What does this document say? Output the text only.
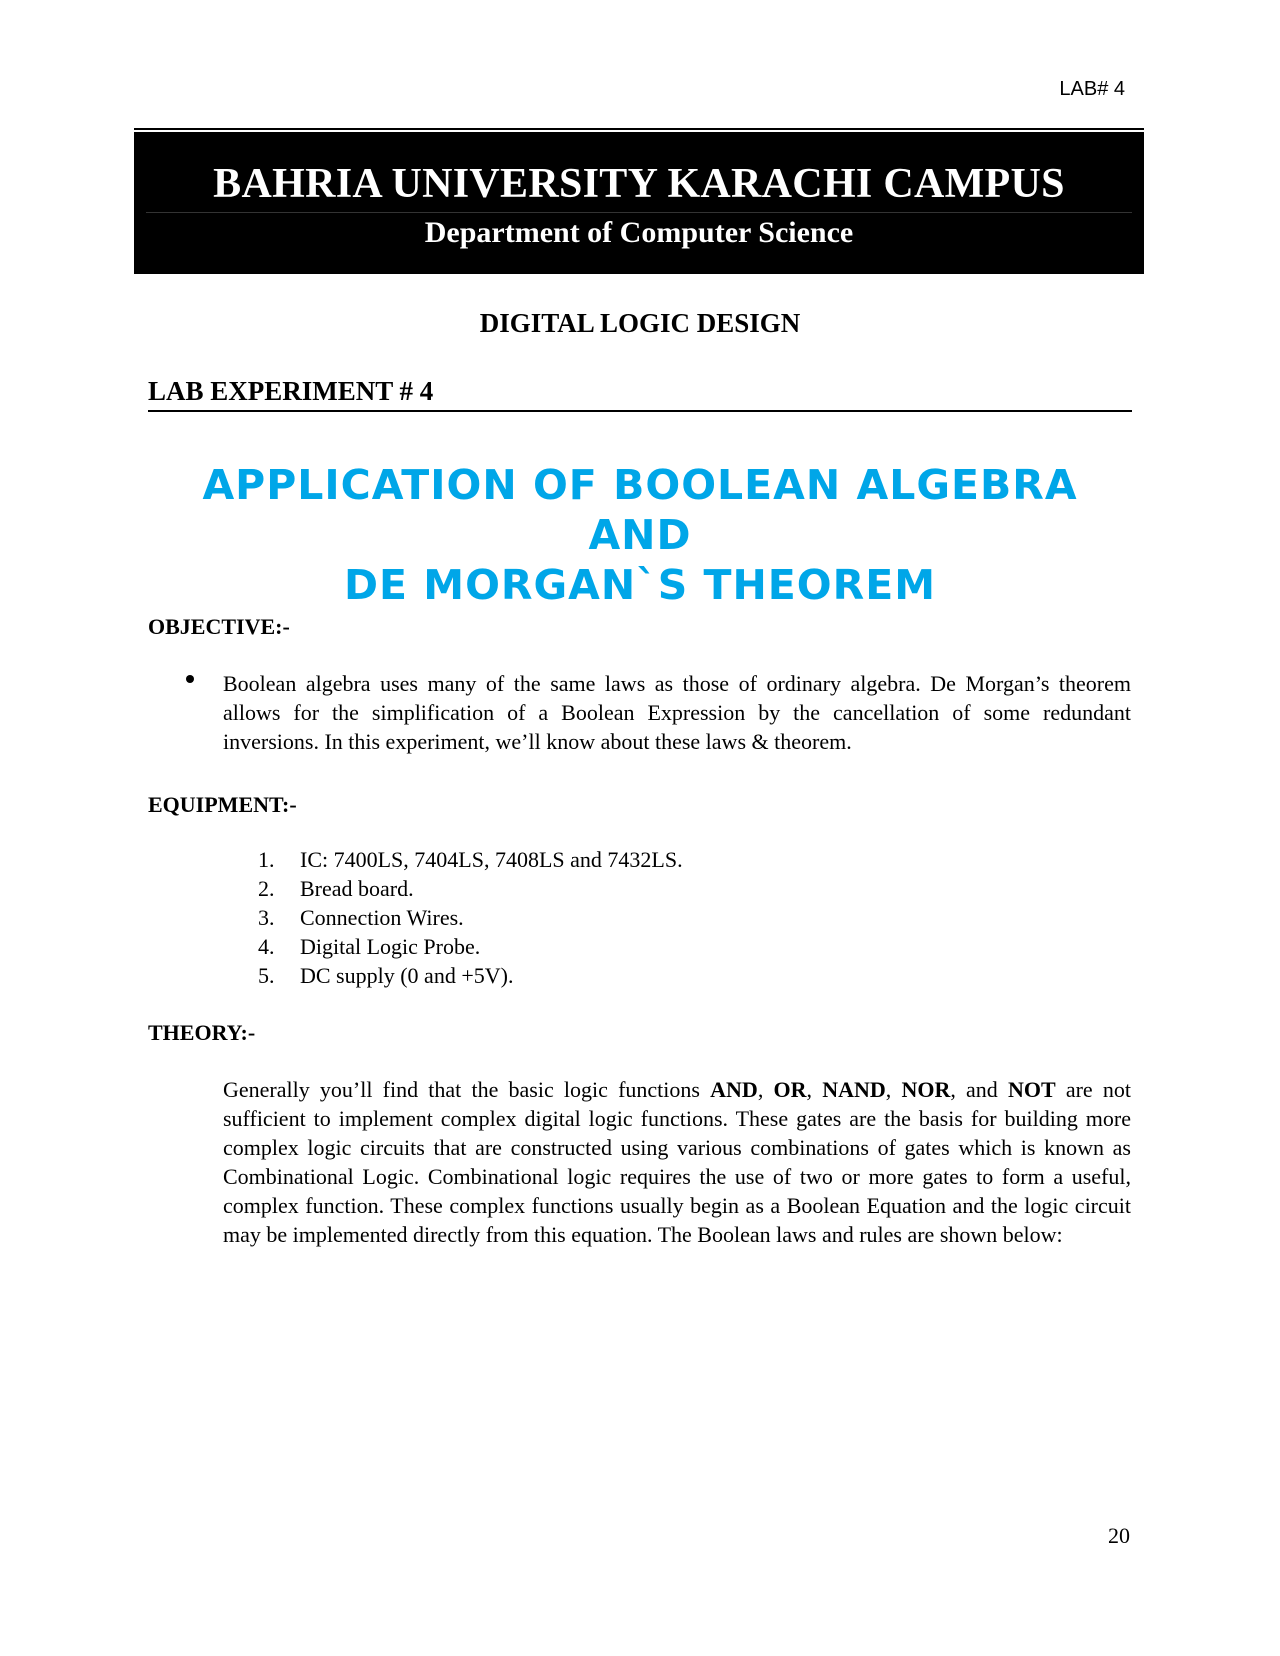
LAB# 4
BAHRIA UNIVERSITY KARACHI CAMPUS
Department of Computer Science
DIGITAL LOGIC DESIGN
LAB EXPERIMENT # 4
APPLICATION OF BOOLEAN ALGEBRA
AND
DE MORGAN`S THEOREM
OBJECTIVE:-
Boolean algebra uses many of the same laws as those of ordinary algebra. De Morgan’s theorem allows for the simplification of a Boolean Expression by the cancellation of some redundant inversions. In this experiment, we’ll know about these laws & theorem.
EQUIPMENT:-
1.	IC: 7400LS, 7404LS, 7408LS and 7432LS.
2.	Bread board.
3.	Connection Wires.
4.	Digital Logic Probe.
5.	DC supply (0 and +5V).
THEORY:-
Generally you’ll find that the basic logic functions AND, OR, NAND, NOR, and NOT are not sufficient to implement complex digital logic functions. These gates are the basis for building more complex logic circuits that are constructed using various combinations of gates which is known as Combinational Logic. Combinational logic requires the use of two or more gates to form a useful, complex function. These complex functions usually begin as a Boolean Equation and the logic circuit may be implemented directly from this equation. The Boolean laws and rules are shown below:
20
